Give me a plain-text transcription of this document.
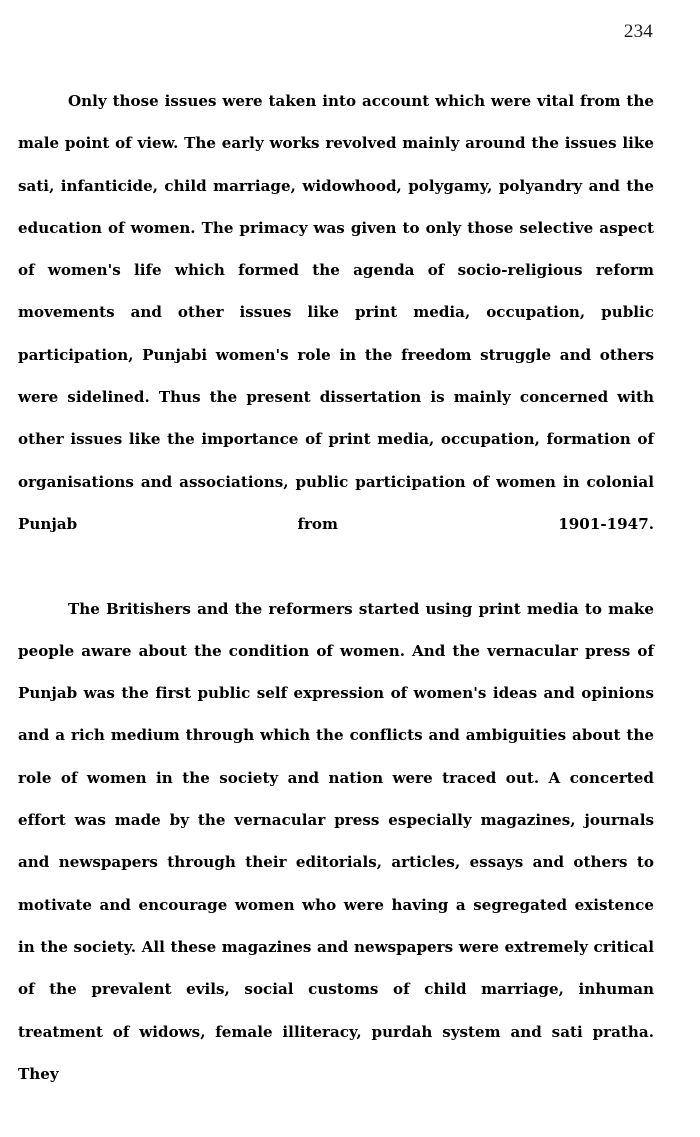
234

Only those issues were taken into account which were vital from the male point of view. The early works revolved mainly around the issues like sati, infanticide, child marriage, widowhood, polygamy, polyandry and the education of women. The primacy was given to only those selective aspect of women's life which formed the agenda of socio-religious reform movements and other issues like print media, occupation, public participation, Punjabi women's role in the freedom struggle and others were sidelined. Thus the present dissertation is mainly concerned with other issues like the importance of print media, occupation, formation of organisations and associations, public participation of women in colonial Punjab from 1901-1947.

The Britishers and the reformers started using print media to make people aware about the condition of women. And the vernacular press of Punjab was the first public self expression of women's ideas and opinions and a rich medium through which the conflicts and ambiguities about the role of women in the society and nation were traced out. A concerted effort was made by the vernacular press especially magazines, journals and newspapers through their editorials, articles, essays and others to motivate and encourage women who were having a segregated existence in the society. All these magazines and newspapers were extremely critical of the prevalent evils, social customs of child marriage, inhuman treatment of widows, female illiteracy, purdah system and sati pratha. They
